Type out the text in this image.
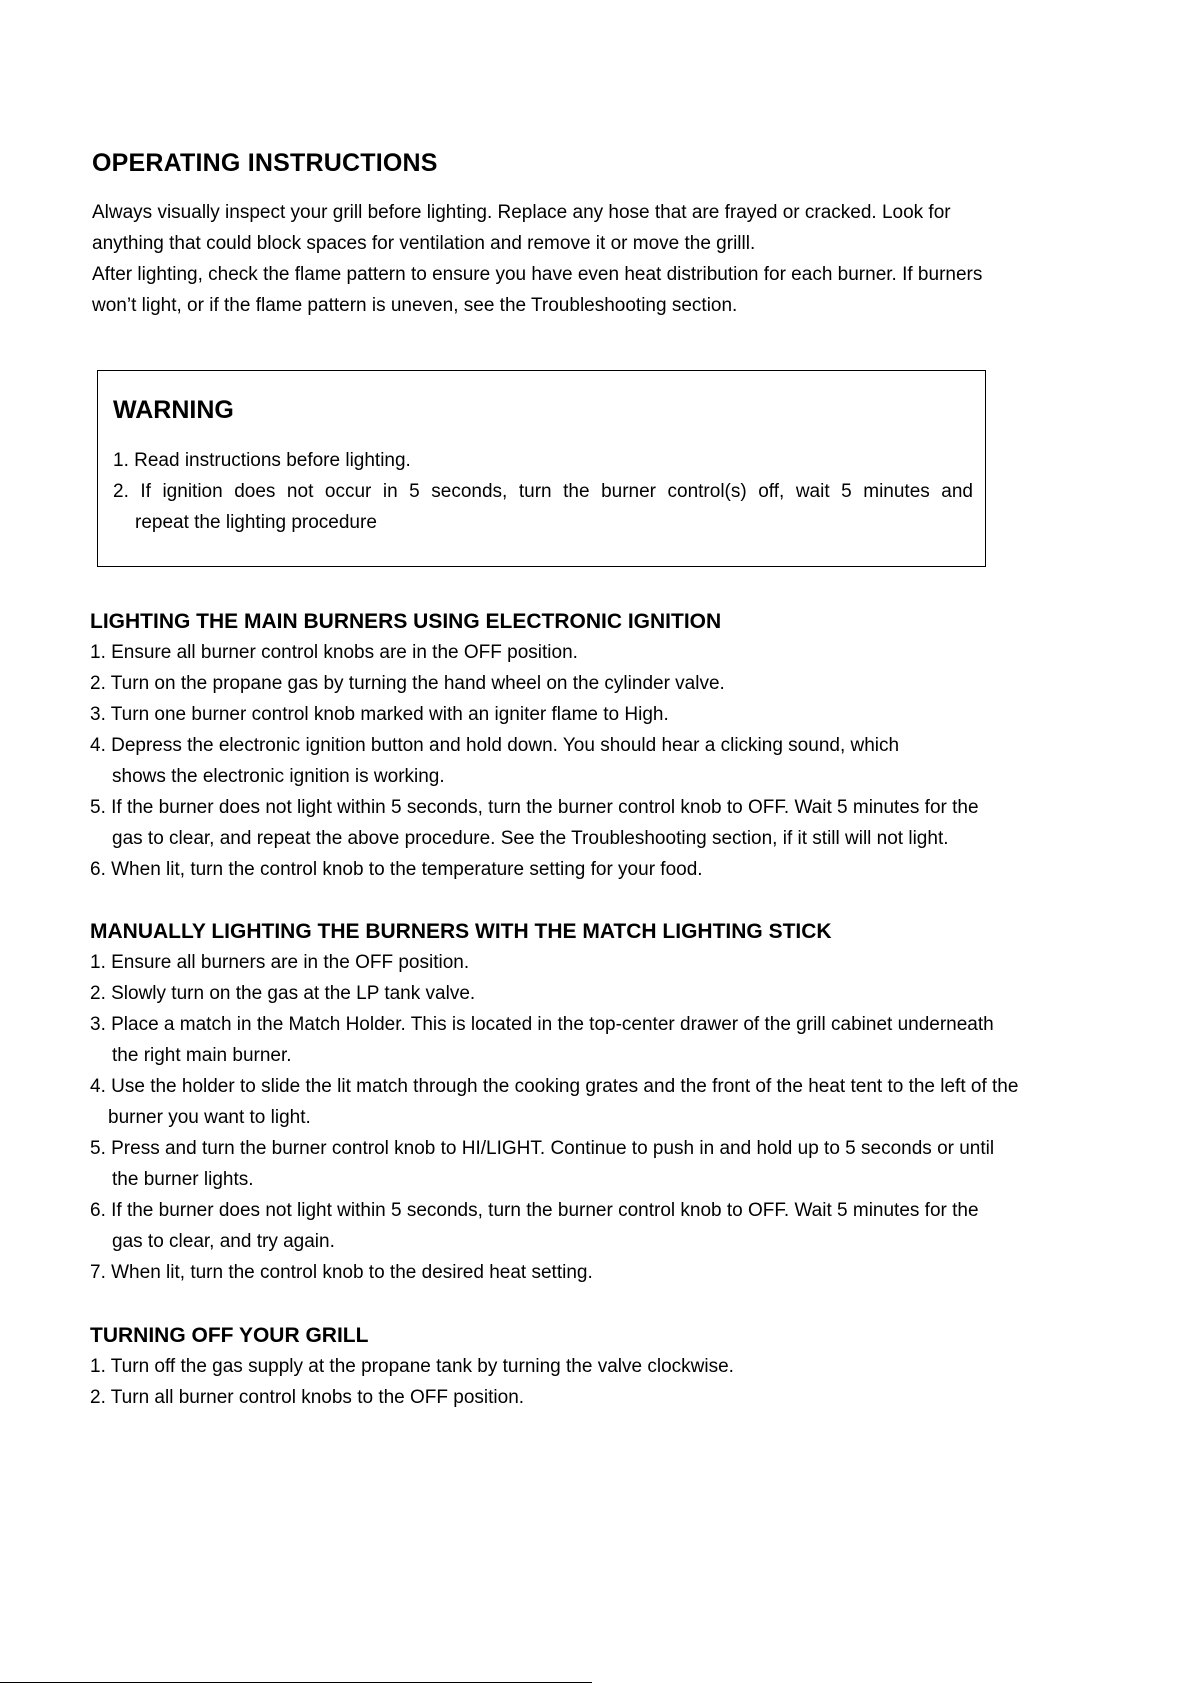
OPERATING INSTRUCTIONS

Always visually inspect your grill before lighting. Replace any hose that are frayed or cracked. Look for

anything that could block spaces for ventilation and remove it or move the grilll.

After lighting, check the flame pattern to ensure you have even heat distribution for each burner. If burners

won’t light, or if the flame pattern is uneven, see the Troubleshooting section.

WARNING
1. Read instructions before lighting.
2. If ignition does not occur in 5 seconds, turn the burner control(s) off, wait 5 minutes and
repeat the lighting procedure
LIGHTING THE MAIN BURNERS USING ELECTRONIC IGNITION
1. Ensure all burner control knobs are in the OFF position.
2. Turn on the propane gas by turning the hand wheel on the cylinder valve.
3. Turn one burner control knob marked with an igniter flame to High.
4. Depress the electronic ignition button and hold down. You should hear a clicking sound, which
shows the electronic ignition is working.
5. If the burner does not light within 5 seconds, turn the burner control knob to OFF. Wait 5 minutes for the
gas to clear, and repeat the above procedure. See the Troubleshooting section, if it still will not light.
6. When lit, turn the control knob to the temperature setting for your food.
MANUALLY LIGHTING THE BURNERS WITH THE MATCH LIGHTING STICK
1. Ensure all burners are in the OFF position.
2. Slowly turn on the gas at the LP tank valve.
3. Place a match in the Match Holder. This is located in the top-center drawer of the grill cabinet underneath
the right main burner.
4. Use the holder to slide the lit match through the cooking grates and the front of the heat tent to the left of the
burner you want to light.
5. Press and turn the burner control knob to HI/LIGHT. Continue to push in and hold up to 5 seconds or until
the burner lights.
6. If the burner does not light within 5 seconds, turn the burner control knob to OFF. Wait 5 minutes for the
gas to clear, and try again.
7. When lit, turn the control knob to the desired heat setting.
TURNING OFF YOUR GRILL
1. Turn off the gas supply at the propane tank by turning the valve clockwise.
2. Turn all burner control knobs to the OFF position.
